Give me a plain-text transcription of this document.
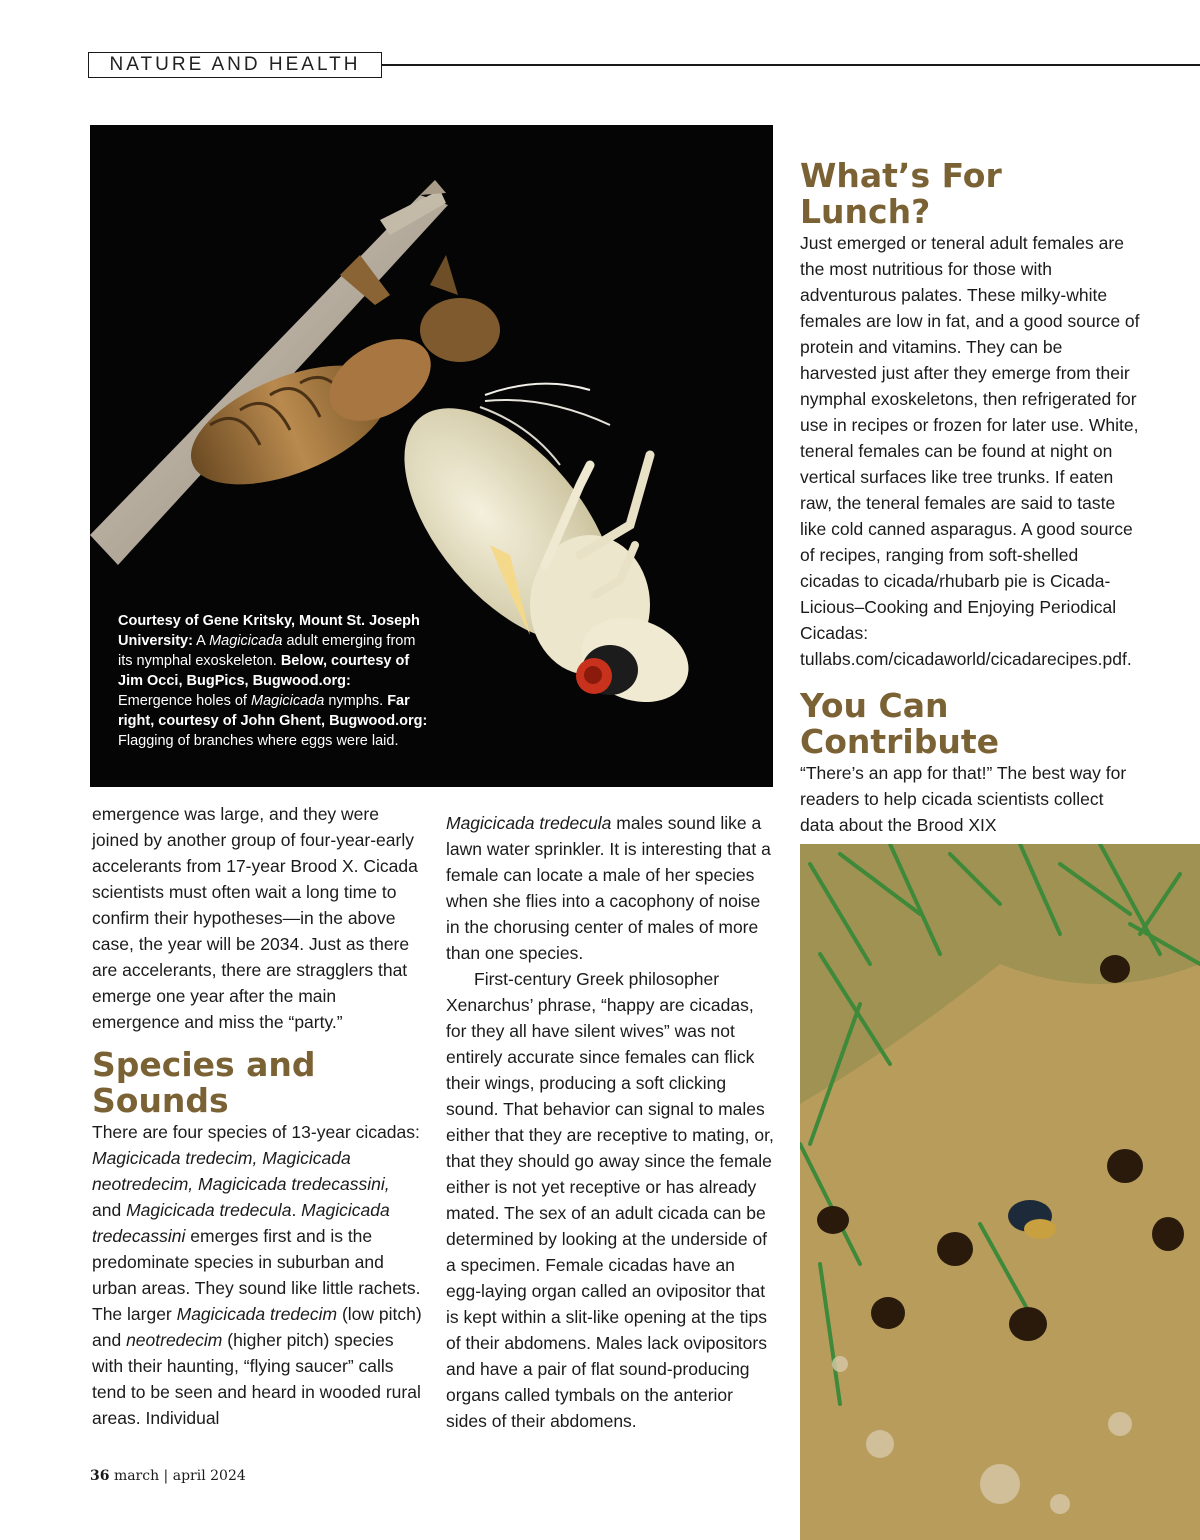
NATURE AND HEALTH
Courtesy of Gene Kritsky, Mount St. Joseph University: A Magicicada adult emerging from its nymphal exoskeleton. Below, courtesy of Jim Occi, BugPics, Bugwood.org: Emergence holes of Magicicada nymphs. Far right, courtesy of John Ghent, Bugwood.org: Flagging of branches where eggs were laid.

emergence was large, and they were joined by another group of four-year-early accelerants from 17-year Brood X. Cicada scientists must often wait a long time to confirm their hypotheses—in the above case, the year will be 2034. Just as there are accelerants, there are stragglers that emerge one year after the main emergence and miss the “party.”

Species and Sounds

There are four species of 13-year cicadas: Magicicada tredecim, Magicicada neotredecim, Magicicada tredecassini, and Magicicada tredecula. Magicicada tredecassini emerges first and is the predominate species in suburban and urban areas. They sound like little rachets. The larger Magicicada tredecim (low pitch) and neotredecim (higher pitch) species with their haunting, “flying saucer” calls tend to be seen and heard in wooded rural areas. Individual

Magicicada tredecula males sound like a lawn water sprinkler. It is interesting that a female can locate a male of her species when she flies into a cacophony of noise in the chorusing center of males of more than one species.

First-century Greek philosopher Xenarchus’ phrase, “happy are cicadas, for they all have silent wives” was not entirely accurate since females can flick their wings, producing a soft clicking sound. That behavior can signal to males either that they are receptive to mating, or, that they should go away since the female either is not yet receptive or has already mated. The sex of an adult cicada can be determined by looking at the underside of a specimen. Female cicadas have an egg-laying organ called an ovipositor that is kept within a slit-like opening at the tips of their abdomens. Males lack ovipositors and have a pair of flat sound-producing organs called tymbals on the anterior sides of their abdomens.

What’s For Lunch?

Just emerged or teneral adult females are the most nutritious for those with adventurous palates. These milky-white females are low in fat, and a good source of protein and vitamins. They can be harvested just after they emerge from their nymphal exoskeletons, then refrigerated for use in recipes or frozen for later use. White, teneral females can be found at night on vertical surfaces like tree trunks. If eaten raw, the teneral females are said to taste like cold canned asparagus. A good source of recipes, ranging from soft-shelled cicadas to cicada/rhubarb pie is Cicada-Licious–Cooking and Enjoying Periodical Cicadas: tullabs.com/cicadaworld/cicadarecipes.pdf.

You Can Contribute

“There’s an app for that!” The best way for readers to help cicada scientists collect data about the Brood XIX

36 march | april 2024
